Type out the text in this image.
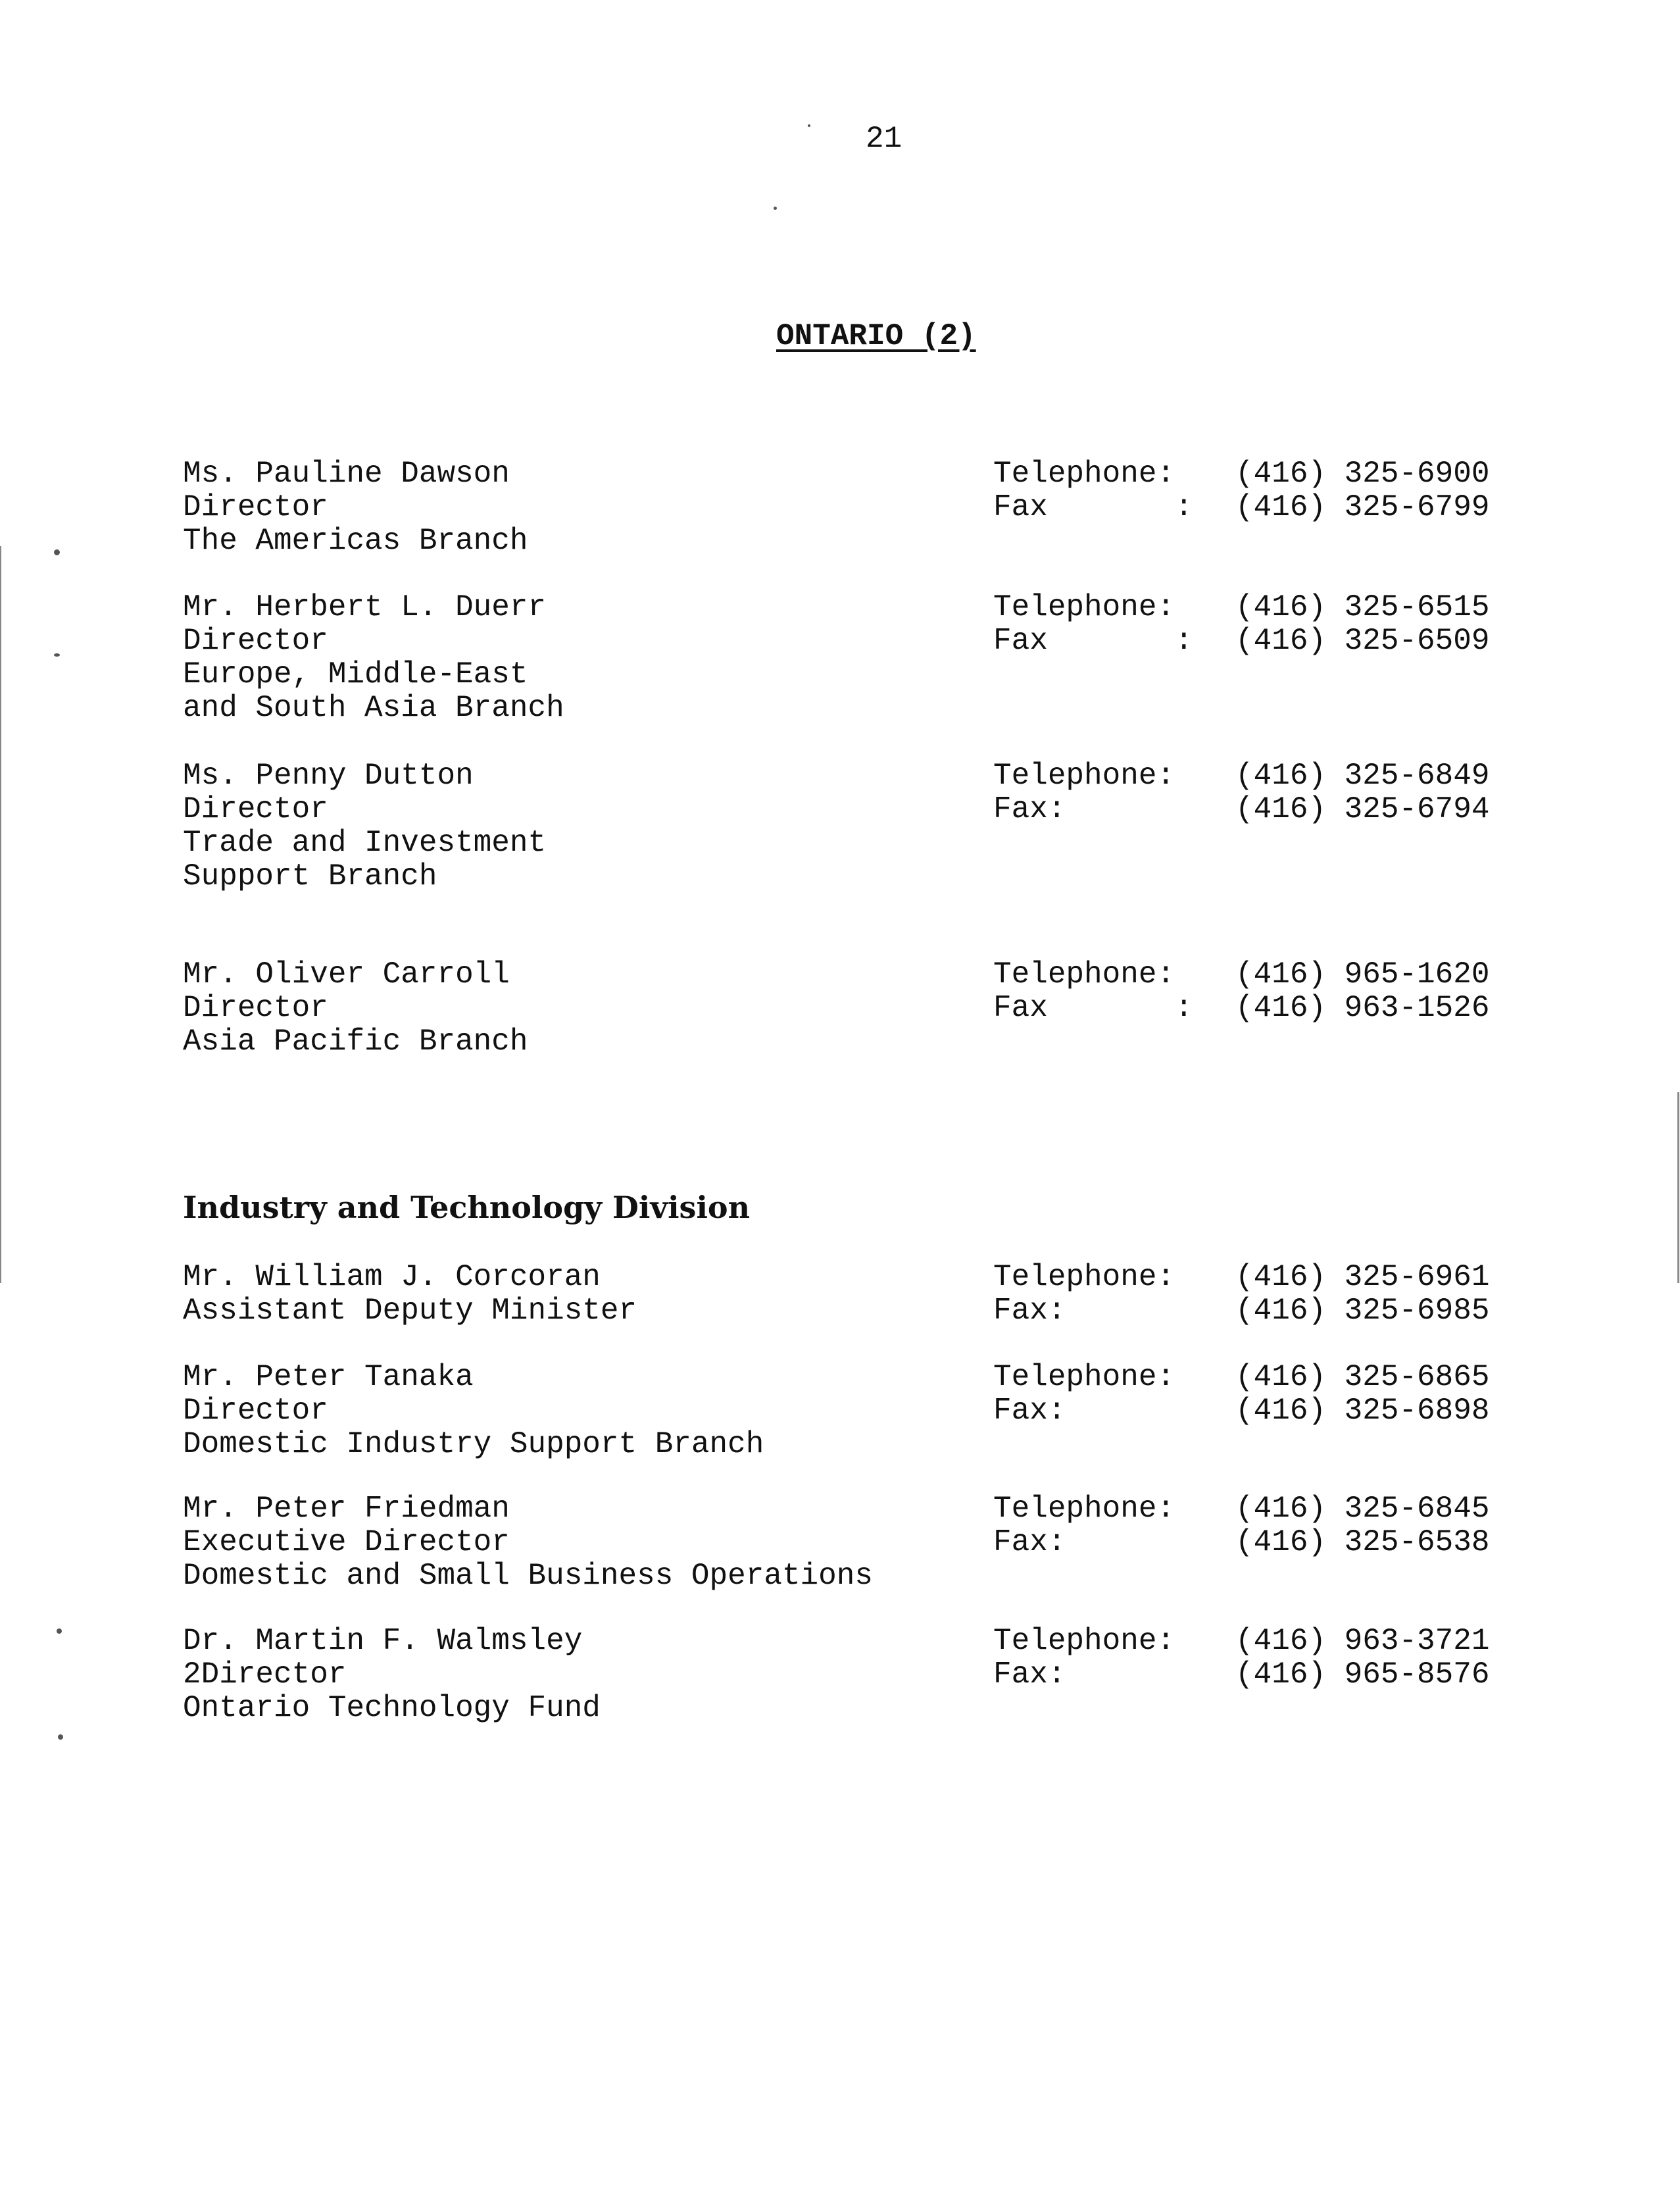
21
ONTARIO (2)
Ms. Pauline Dawson
Director
The Americas Branch
Telephone: (416) 325-6900
Fax       : (416) 325-6799
Mr. Herbert L. Duerr
Director
Europe, Middle-East
and South Asia Branch
Telephone: (416) 325-6515
Fax       : (416) 325-6509
Ms. Penny Dutton
Director
Trade and Investment
Support Branch
Telephone: (416) 325-6849
Fax:	(416) 325-6794
Mr. Oliver Carroll
Director
Asia Pacific Branch
Telephone: (416) 965-1620
Fax       : (416) 963-1526
Industry and Technology Division
Mr. William J. Corcoran
Assistant Deputy Minister
Telephone: (416) 325-6961
Fax:	(416) 325-6985
Mr. Peter Tanaka
Director
Domestic Industry Support Branch
Telephone: (416) 325-6865
Fax:	(416) 325-6898
Mr. Peter Friedman
Executive Director
Domestic and Small Business Operations
Telephone: (416) 325-6845
Fax:	(416) 325-6538
Dr. Martin F. Walmsley
2Director
Ontario Technology Fund
Telephone: (416) 963-3721
Fax:	(416) 965-8576
